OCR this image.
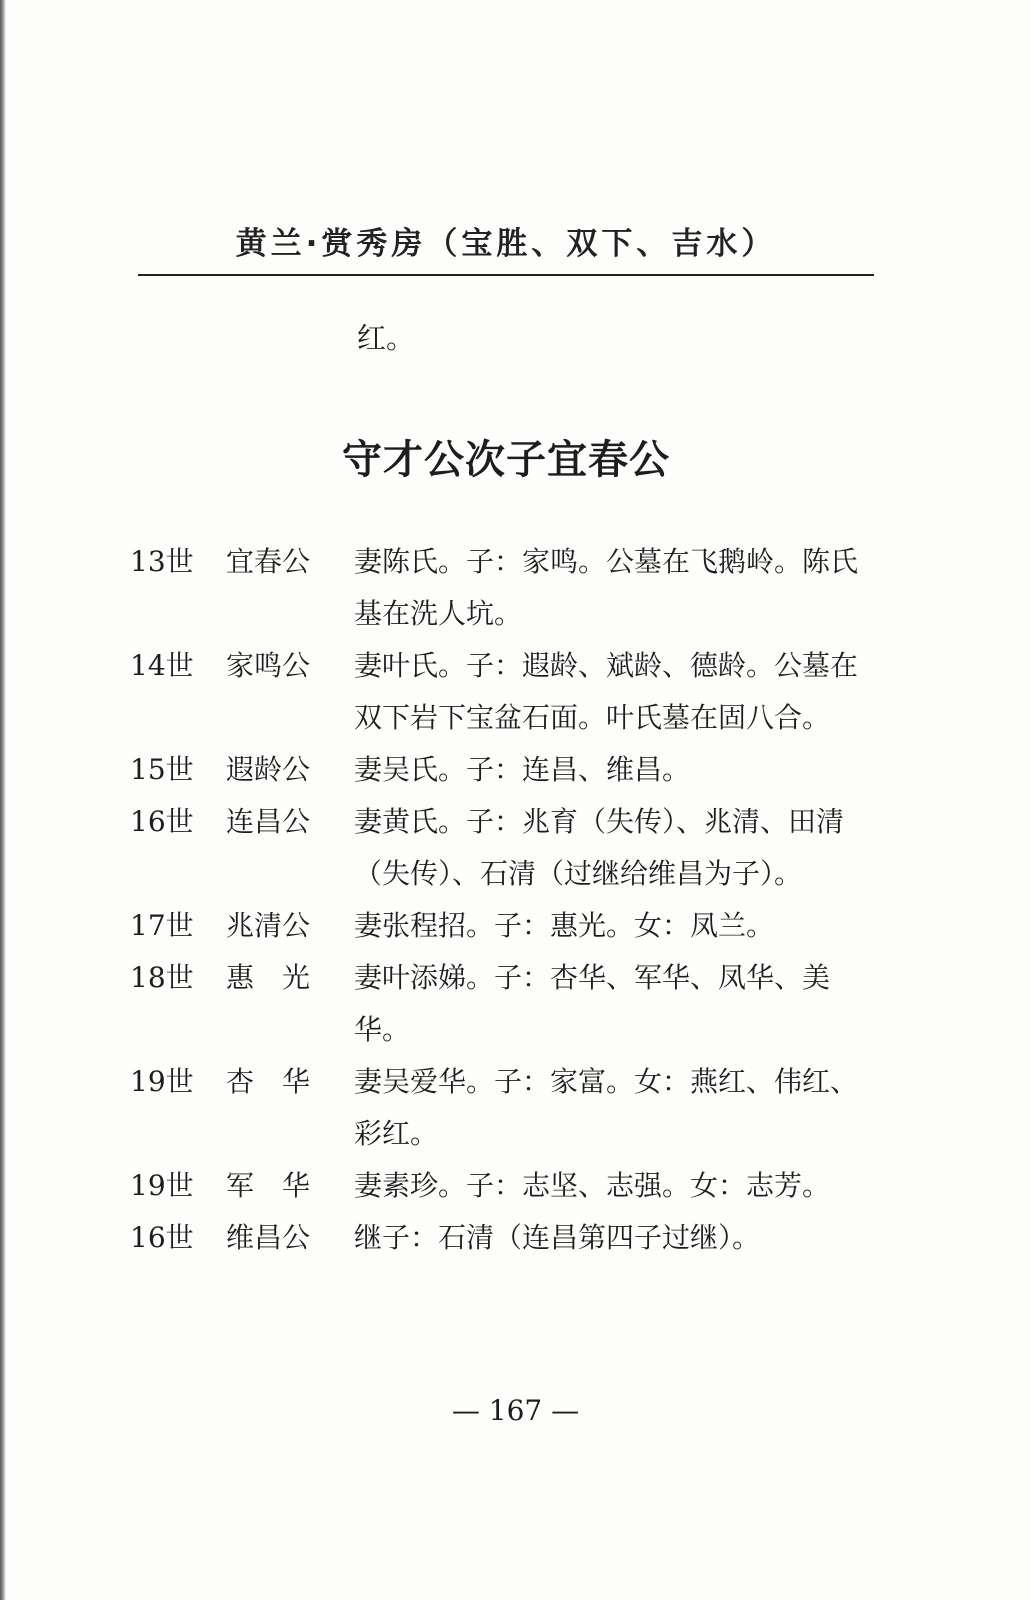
黄兰·赏秀房（宝胜、双下、吉水）
红。
守才公次子宜春公
13世	宜春公	妻陈氏。子：家鸣。公墓在飞鹅岭。陈氏基在洗人坑。
14世	家鸣公	妻叶氏。子：遐龄、斌龄、德龄。公墓在双下岩下宝盆石面。叶氏墓在固八合。
15世	遐龄公	妻吴氏。子：连昌、维昌。
16世	连昌公	妻黄氏。子：兆育（失传）、兆清、田清（失传）、石清（过继给维昌为子）。
17世	兆清公	妻张程招。子：惠光。女：凤兰。
18世	惠　光	妻叶添娣。子：杏华、军华、凤华、美华。
19世	杏　华	妻吴爱华。子：家富。女：燕红、伟红、彩红。
19世	军　华	妻素珍。子：志坚、志强。女：志芳。
16世	维昌公	继子：石清（连昌第四子过继）。
— 167 —
